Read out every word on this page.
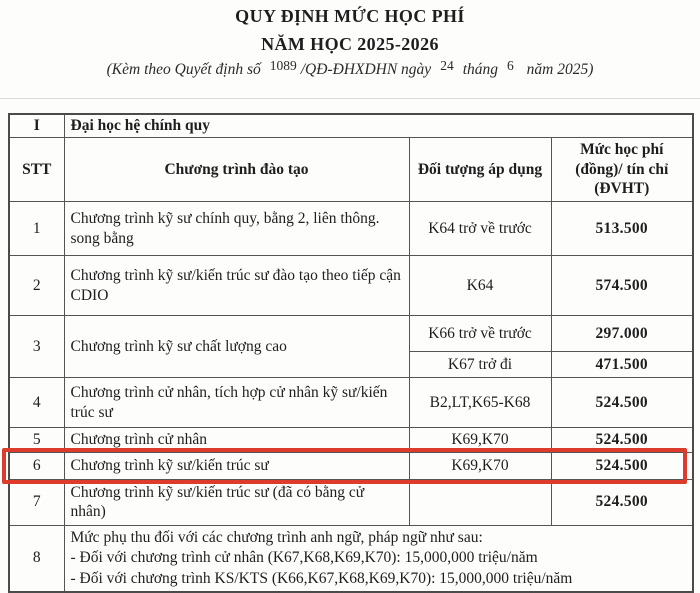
QUY ĐỊNH MỨC HỌC PHÍ
NĂM HỌC 2025-2026
(Kèm theo Quyết định số 1089 /QĐ-ĐHXDHN ngày 24 tháng 6 năm 2025)
I	Đại học hệ chính quy		
STT	Chương trình đào tạo	Đối tượng áp dụng	Mức học phí
(đồng)/ tín chỉ
(ĐVHT)

1	Chương trình kỹ sư chính quy, bằng 2, liên thông. song bằng	K64 trở về trước	513.500
2	Chương trình kỹ sư/kiến trúc sư đào tạo theo tiếp cận CDIO	K64	574.500
3	Chương trình kỹ sư chất lượng cao	K66 trở về trước	297.000
		K67 trở đi	471.500
4	Chương trình cử nhân, tích hợp cử nhân kỹ sư/kiến trúc sư	B2,LT,K65-K68	524.500
5	Chương trình cử nhân	K69,K70	524.500
6	Chương trình kỹ sư/kiến trúc sư	K69,K70	524.500
7	Chương trình kỹ sư/kiến trúc sư (đã có bằng cử nhân)		524.500
8	Mức phụ thu đối với các chương trình anh ngữ, pháp ngữ như sau:
- Đối với chương trình cử nhân (K67,K68,K69,K70): 15,000,000 triệu/năm
- Đối với chương trình KS/KTS (K66,K67,K68,K69,K70): 15,000,000 triệu/năm		
